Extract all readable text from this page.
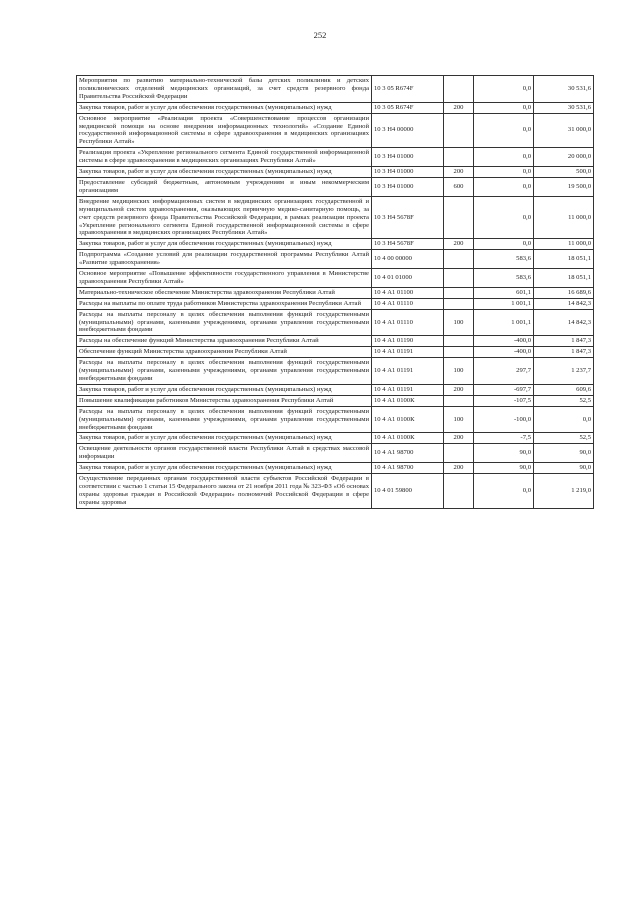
252
Мероприятия по развитию материально-технической базы детских поликлиник и детских поликлинических отделений медицинских организаций, за счет средств резервного фонда Правительства Российской Федерации	10 3 05 R674F		0,0	30 531,6
Закупка товаров, работ и услуг для обеспечения государственных (муниципальных) нужд	10 3 05 R674F	200	0,0	30 531,6
Основное мероприятие «Реализация проекта «Совершенствование процессов организации медицинской помощи на основе внедрения информационных технологий» «Создание Единой государственной информационной системы в сфере здравоохранения в медицинских организациях Республики Алтай»	10 3 Н4 00000		0,0	31 000,0
Реализация проекта «Укрепление регионального сегмента Единой государственной информационной системы в сфере здравоохранения в медицинских организациях Республики Алтай»	10 3 Н4 01000		0,0	20 000,0
Закупка товаров, работ и услуг для обеспечения государственных (муниципальных) нужд	10 3 Н4 01000	200	0,0	500,0
Предоставление субсидий бюджетным, автономным учреждениям и иным некоммерческим организациям	10 3 Н4 01000	600	0,0	19 500,0
Внедрение медицинских информационных систем в медицинских организациях государственной и муниципальной систем здравоохранения, оказывающих первичную медико-санитарную помощь, за счет средств резервного фонда Правительства Российской Федерации, в рамках реализации проекта «Укрепление регионального сегмента Единой государственной информационной системы в сфере здравоохранения в медицинских организациях Республики Алтай»	10 3 Н4 5678F		0,0	11 000,0
Закупка товаров, работ и услуг для обеспечения государственных (муниципальных) нужд	10 3 Н4 5678F	200	0,0	11 000,0
Подпрограмма «Создание условий для реализации государственной программы Республики Алтай «Развитие здравоохранения»	10 4 00 00000		583,6	18 051,1
Основное мероприятие «Повышение эффективности государственного управления в Министерстве здравоохранения Республики Алтай»	10 4 01 01000		583,6	18 051,1
Материально-техническое обеспечение Министерства здравоохранения Республики Алтай	10 4 А1 01100		601,1	16 689,6
Расходы на выплаты по оплате труда работников Министерства здравоохранения Республики Алтай	10 4 А1 01110		1 001,1	14 842,3
Расходы на выплаты персоналу в целях обеспечения выполнения функций государственными (муниципальными) органами, казенными учреждениями, органами управления государственными внебюджетными фондами	10 4 А1 01110	100	1 001,1	14 842,3
Расходы на обеспечение функций Министерства здравоохранения Республики Алтай	10 4 А1 01190		-400,0	1 847,3
Обеспечение функций Министерства здравоохранения Республики Алтай	10 4 А1 01191		-400,0	1 847,3
Расходы на выплаты персоналу в целях обеспечения выполнения функций государственными (муниципальными) органами, казенными учреждениями, органами управления государственными внебюджетными фондами	10 4 А1 01191	100	297,7	1 237,7
Закупка товаров, работ и услуг для обеспечения государственных (муниципальных) нужд	10 4 А1 01191	200	-697,7	609,6
Повышение квалификации работников Министерства здравоохранения Республики Алтай	10 4 А1 0100К		-107,5	52,5
Расходы на выплаты персоналу в целях обеспечения выполнения функций государственными (муниципальными) органами, казенными учреждениями, органами управления государственными внебюджетными фондами	10 4 А1 0100К	100	-100,0	0,0
Закупка товаров, работ и услуг для обеспечения государственных (муниципальных) нужд	10 4 А1 0100К	200	-7,5	52,5
Освещение деятельности органов государственной власти Республики Алтай в средствах массовой информации	10 4 А1 98700		90,0	90,0
Закупка товаров, работ и услуг для обеспечения государственных (муниципальных) нужд	10 4 А1 98700	200	90,0	90,0
Осуществление переданных органам государственной власти субъектов Российской Федерации в соответствии с частью 1 статьи 15 Федерального закона от 21 ноября 2011 года № 323-ФЗ «Об основах охраны здоровья граждан в Российской Федерации» полномочий Российской Федерации в сфере охраны здоровья	10 4 01 59800		0,0	1 219,0
